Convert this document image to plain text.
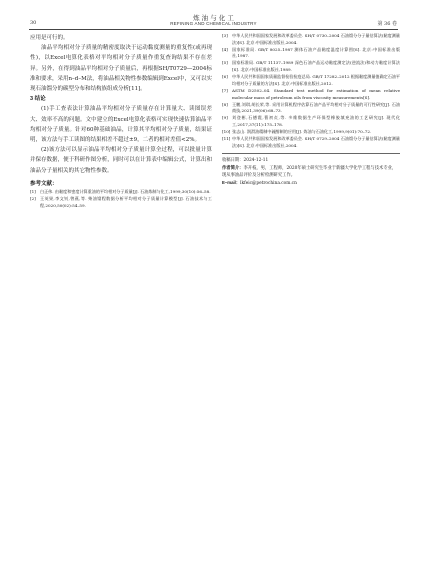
炼 油 与 化 工
REFINING AND CHEMICAL INDUSTRY
30	第 36 卷

应用是可行的。

油品平均相对分子质量的精密度取决于运动黏度测量的重复性(或再现性)，以Excel电算化表格对平均相对分子质量作重复查询结果不存在差异。另外，在得到油品平均相对分子质量后，再根据SH/T0729—2004标准和要求，采用n–d–M法，将油品相关物性参数编辑到Excel中，又可以实现石油馏分的碳型分布和结构族组成分析[11]。

3 结论

(1)手工查表法计算油品平均相对分子质量存在计算量大、读图误差大、效率不高的问题。文中建立的Excel电算化表格可实现快速估算油品平均相对分子质量。针对60种基础油品，计算其平均相对分子质量，结果证明，该方法与手工读图的结果相差不超过±9，二者的相对差值<2%。

(2)该方法可以显示油品平均相对分子质量计算全过程，可以批量计算并保存数据，便于科研作图分析，同时可以在计算表中编辑公式，计算出和油品分子量相关的其它物性参数。

参考文献：

[1]	白正伟. 由黏度和密度计算重油的平均相对分子质量[J]. 石油炼制与化工,1999,30(10):56–58.
[2]	王英果,李文钊,曾燕,等. 柴油馏程数据分析平均相对分子质量计算模型[J]. 石油技术与工程,2020,50(02):54–59.
[3]	中华人民共和国国家发展和改革委员会. SH/T 0730–2004 石油馏分分子量估算法(黏度测量法)[S]. 北京:中国标准出版社,2004.
[4]	国家标准局. GB/T 8025–1987 测体石油产品黏度温度计算图[S]. 北京:中国标准出版社,1987.
[5]	国家标准局. GB/T 11137–1989 深色石油产品运动黏度测定法(逆流法)和动力黏度计算法[S]. 北京:中国标准出版社,1989.
[6]	中华人民共和国国家质量监督检验检疫总局. GB/T 17282–2012 根据黏度测量值确定石油平均相对分子质量的方法[S]. 北京:中国标准出版社,2012.
[7]	ASTM D2502–04. Standard test method for estimation of mean relative molecular mass of petroleum oils from viscosity measurements[S].
[8]	王鹏,刘琪,胡长荣,等. 采用计算机程序估算石油产品平均相对分子质量的可行性研究[J]. 石油商技,2021,39(06):68–73.
[9]	刘登彬,石德霞,曹初贞,等. 多维数据生产环保型橡胶填充油的工艺研究[J]. 现代化工,2017,37(11):175–178.
[10] 张志山. 润滑油精制中硫醇制的应用[J]. 炼油与石油化工,1999,9(01):70–72.
[11] 中华人民共和国国家发展和改革委员会. SH/T 0729–2004 石油馏分分子量估算法(黏度测量法)[S]. 北京:中国标准出版社,2004.
收稿日期：2024-12-11
作者简介：李开枝，男，工程师，2020年硕士研究生毕业于新疆大学化学工程与技术专业，现从事油品评价及分析检测研究工作。
E–mail：lkfeic@petrochina.com.cn
